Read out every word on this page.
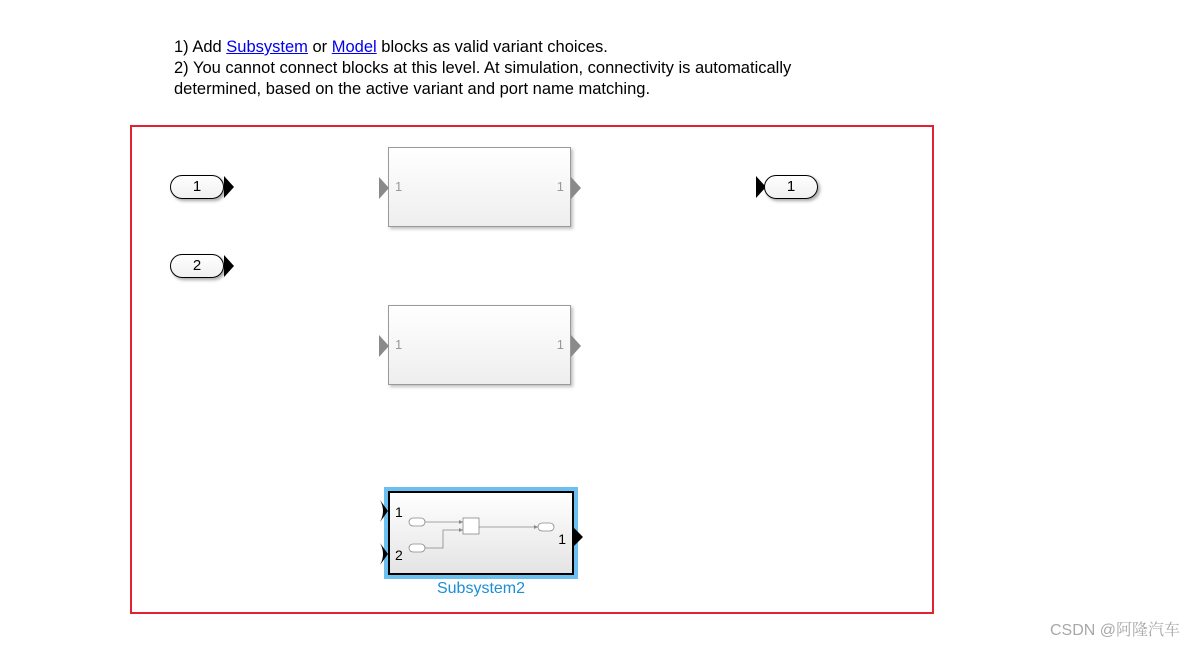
1) Add Subsystem or Model blocks as valid variant choices.

2) You cannot connect blocks at this level. At simulation, connectivity is automatically

determined, based on the active variant and port name matching.

1
2
1
1	1
1	1
1
2
1
Subsystem2
CSDN @阿隆汽车
